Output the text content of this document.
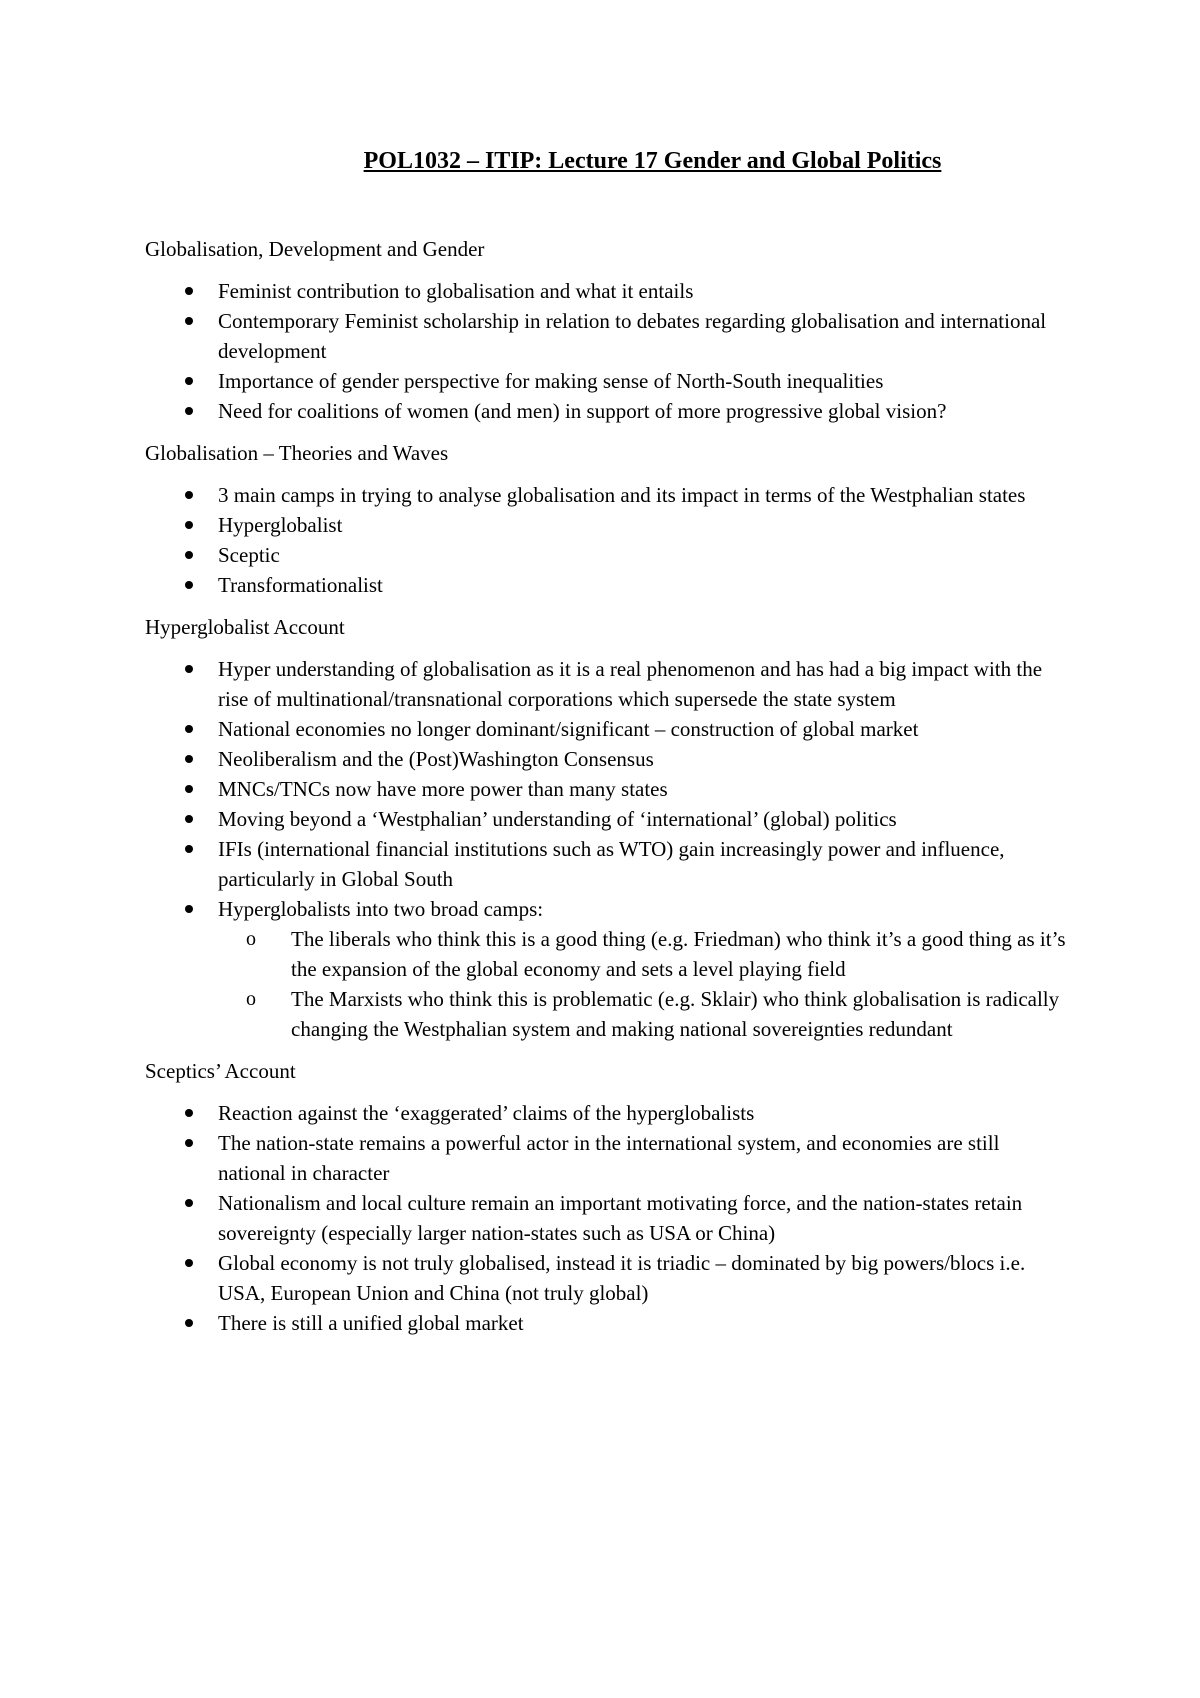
POL1032 – ITIP: Lecture 17 Gender and Global Politics

Globalisation, Development and Gender

Feminist contribution to globalisation and what it entails
Contemporary Feminist scholarship in relation to debates regarding globalisation and international development
Importance of gender perspective for making sense of North-South inequalities
Need for coalitions of women (and men) in support of more progressive global vision?

Globalisation – Theories and Waves

3 main camps in trying to analyse globalisation and its impact in terms of the Westphalian states
Hyperglobalist
Sceptic
Transformationalist

Hyperglobalist Account

Hyper understanding of globalisation as it is a real phenomenon and has had a big impact with the rise of multinational/transnational corporations which supersede the state system
National economies no longer dominant/significant – construction of global market
Neoliberalism and the (Post)Washington Consensus
MNCs/TNCs now have more power than many states
Moving beyond a ‘Westphalian’ understanding of ‘international’ (global) politics
IFIs (international financial institutions such as WTO) gain increasingly power and influence, particularly in Global South
Hyperglobalists into two broad camps:
o The liberals who think this is a good thing (e.g. Friedman) who think it’s a good thing as it’s the expansion of the global economy and sets a level playing field
o The Marxists who think this is problematic (e.g. Sklair) who think globalisation is radically changing the Westphalian system and making national sovereignties redundant

Sceptics’ Account

Reaction against the ‘exaggerated’ claims of the hyperglobalists
The nation-state remains a powerful actor in the international system, and economies are still national in character
Nationalism and local culture remain an important motivating force, and the nation-states retain sovereignty (especially larger nation-states such as USA or China)
Global economy is not truly globalised, instead it is triadic – dominated by big powers/blocs i.e. USA, European Union and China (not truly global)
There is still a unified global market
